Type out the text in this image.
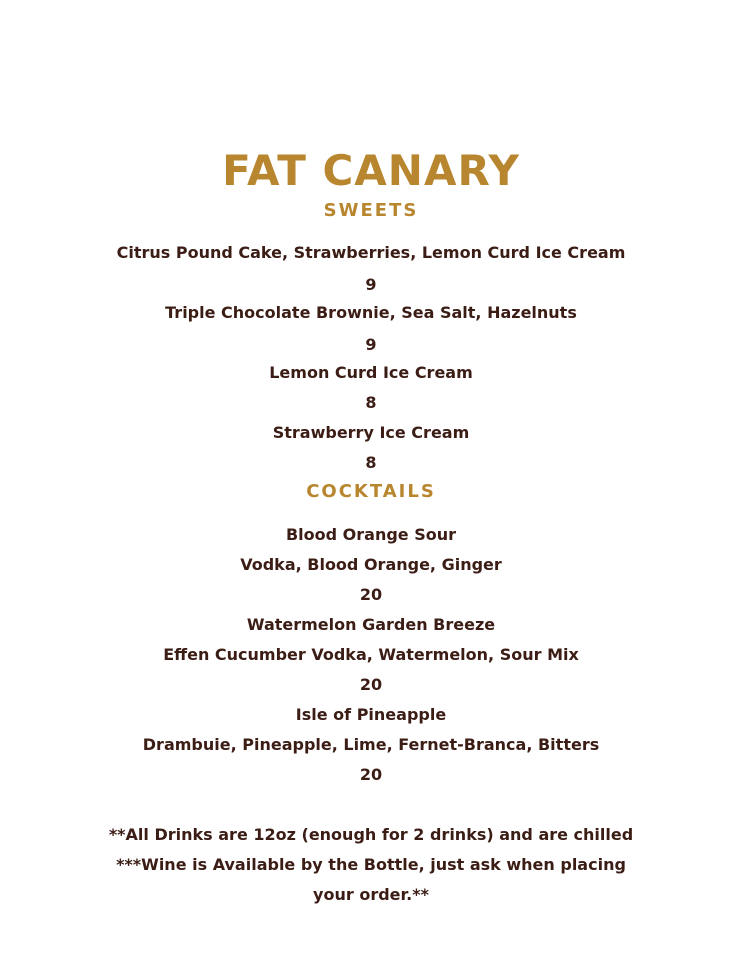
FAT CANARY
SWEETS
Citrus Pound Cake, Strawberries, Lemon Curd Ice Cream
9
Triple Chocolate Brownie, Sea Salt, Hazelnuts
9
Lemon Curd Ice Cream
8
Strawberry Ice Cream
8
COCKTAILS
Blood Orange Sour
Vodka, Blood Orange, Ginger
20
Watermelon Garden Breeze
Effen Cucumber Vodka, Watermelon, Sour Mix
20
Isle of Pineapple
Drambuie, Pineapple, Lime, Fernet-Branca, Bitters
20
**All Drinks are 12oz (enough for 2 drinks) and are chilled
***Wine is Available by the Bottle, just ask when placing
your order.**
